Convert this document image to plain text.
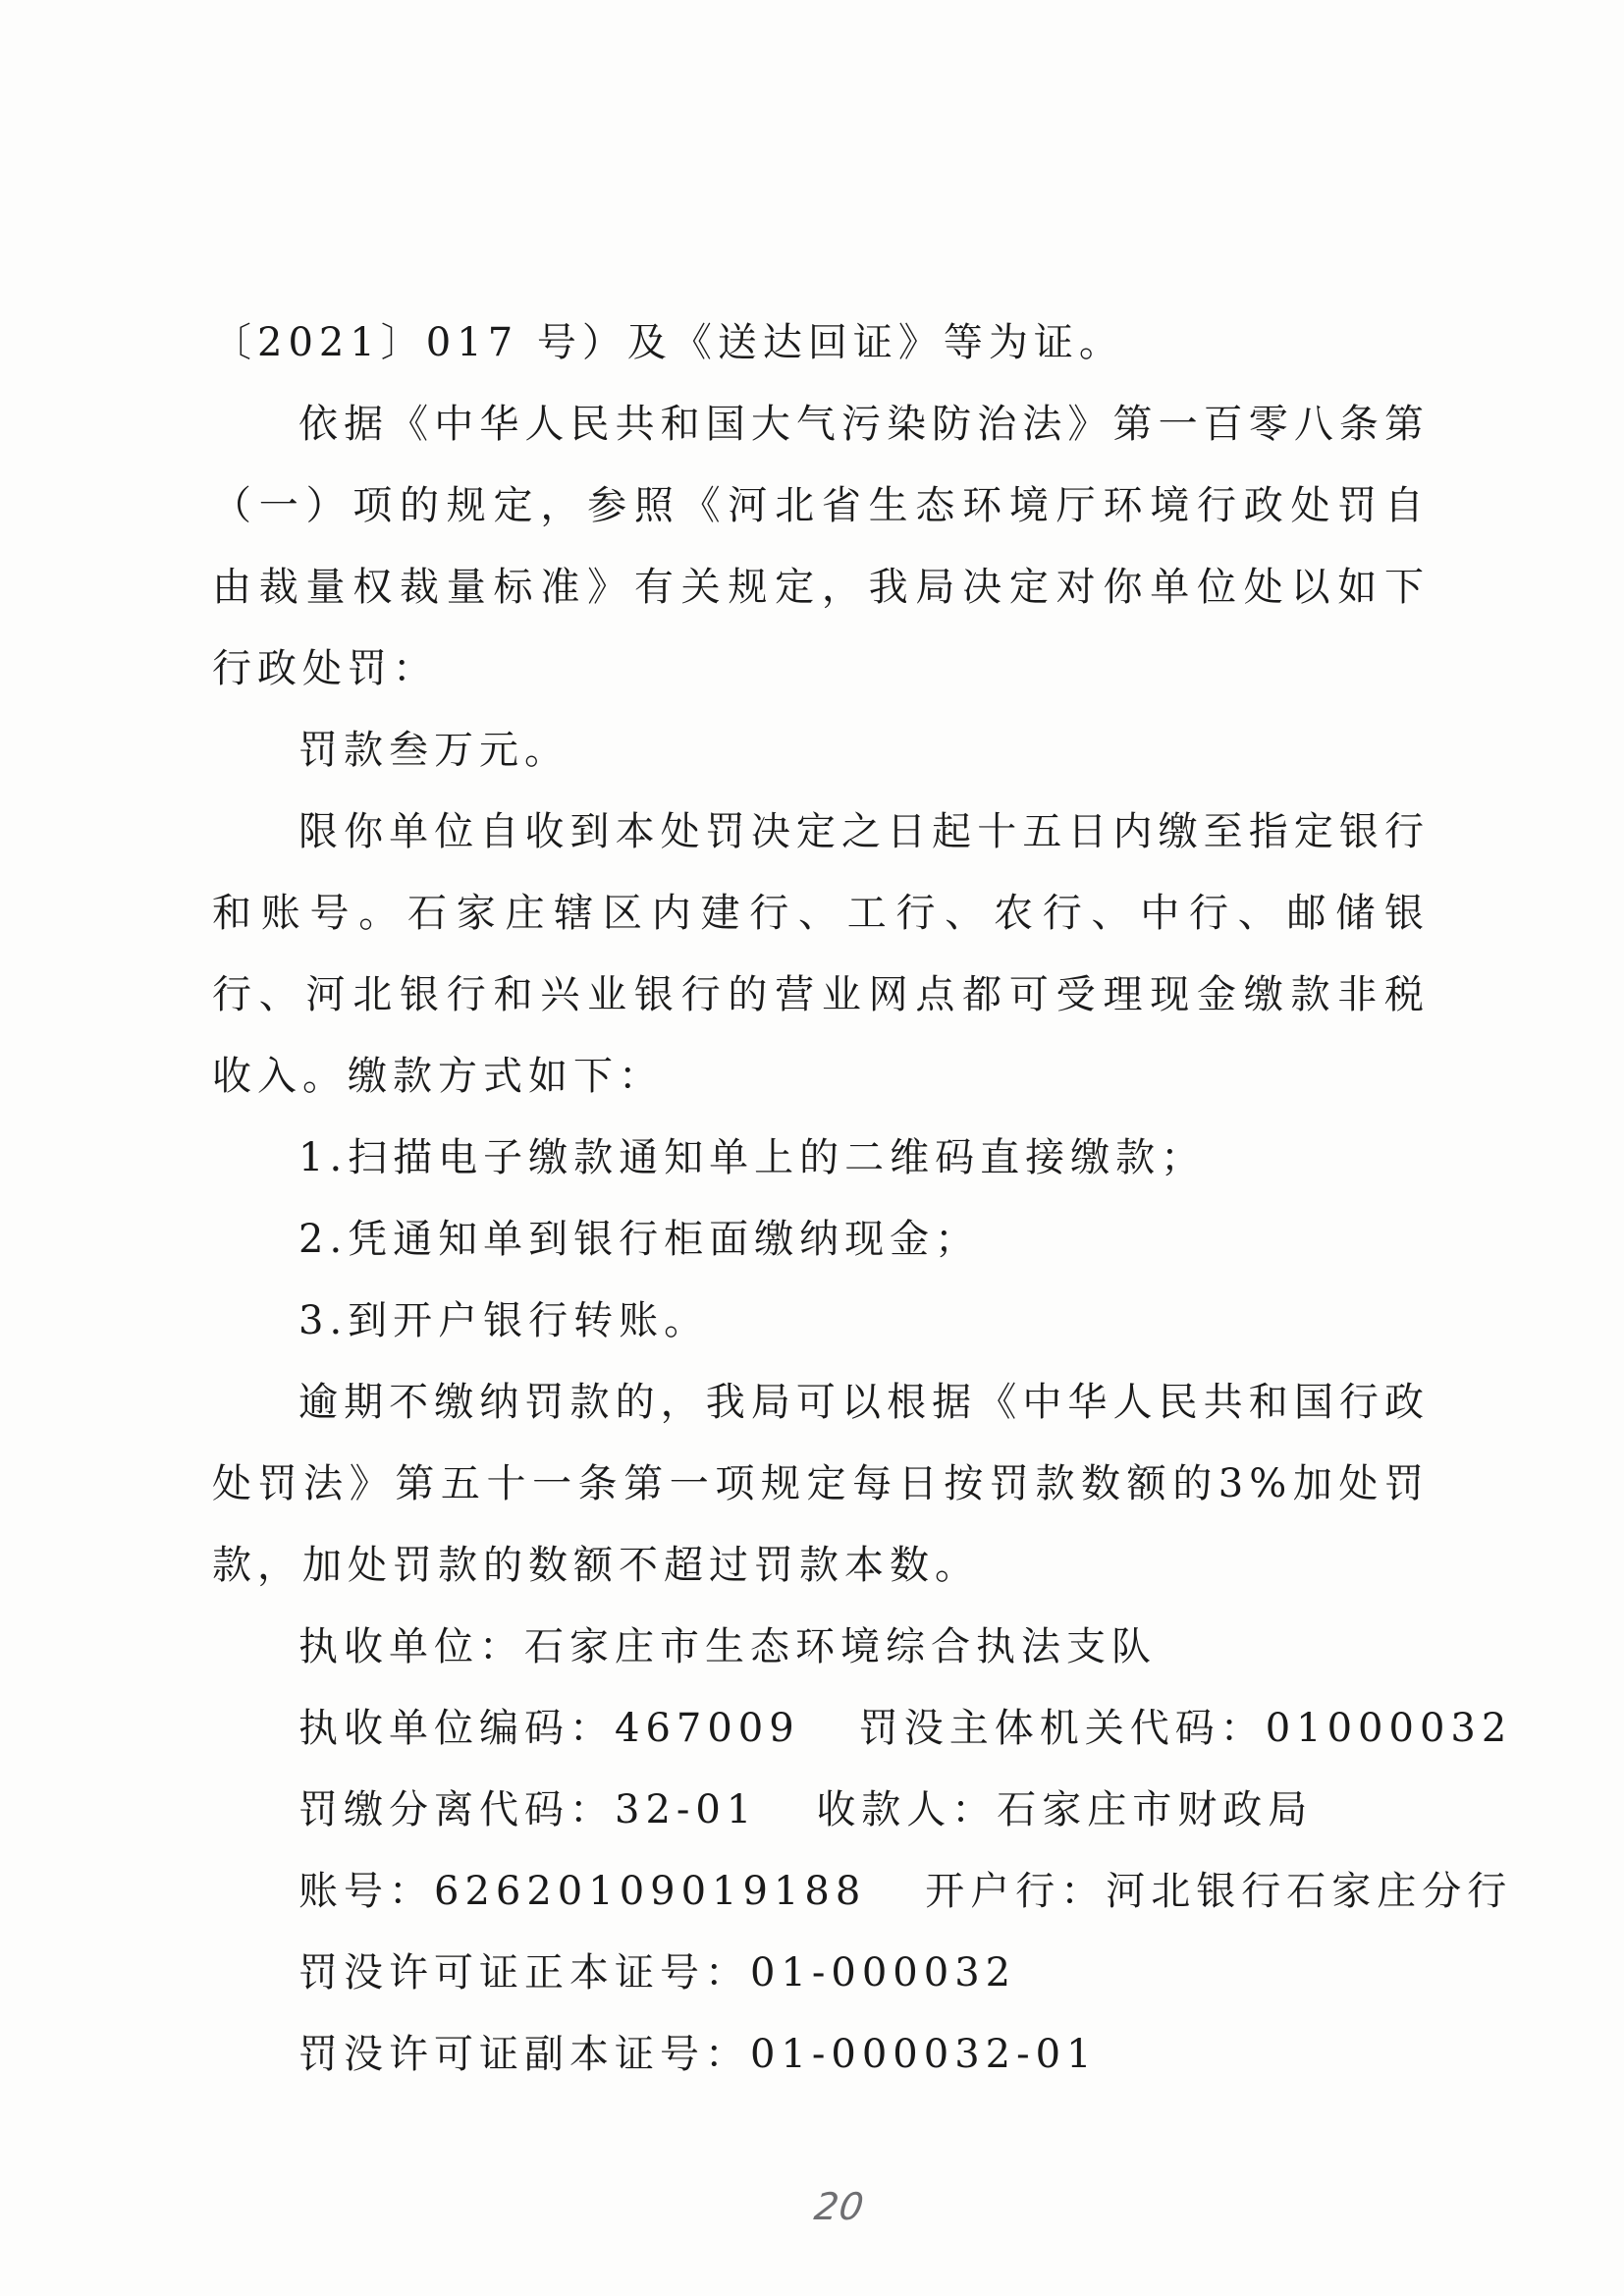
〔2021〕017 号）及《送达回证》等为证。

依据《中华人民共和国大气污染防治法》第一百零八条第（一）项的规定，参照《河北省生态环境厅环境行政处罚自由裁量权裁量标准》有关规定，我局决定对你单位处以如下行政处罚：

罚款叁万元。

限你单位自收到本处罚决定之日起十五日内缴至指定银行和账号。石家庄辖区内建行、工行、农行、中行、邮储银行、河北银行和兴业银行的营业网点都可受理现金缴款非税收入。缴款方式如下：

1.扫描电子缴款通知单上的二维码直接缴款；

2.凭通知单到银行柜面缴纳现金；

3.到开户银行转账。

逾期不缴纳罚款的，我局可以根据《中华人民共和国行政处罚法》第五十一条第一项规定每日按罚款数额的3%加处罚款，加处罚款的数额不超过罚款本数。

执收单位：石家庄市生态环境综合执法支队

执收单位编码：467009 罚没主体机关代码：01000032

罚缴分离代码：32-01 收款人：石家庄市财政局

账号：62620109019188 开户行：河北银行石家庄分行

罚没许可证正本证号：01-000032

罚没许可证副本证号：01-000032-01

20
